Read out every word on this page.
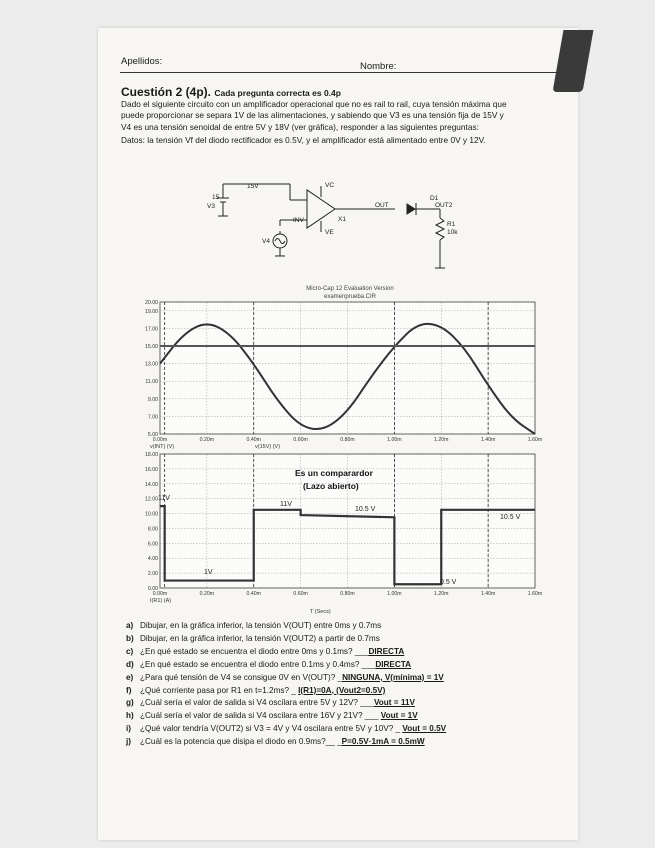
Apellidos:	Nombre:
Cuestión 2 (4p). Cada pregunta correcta es 0.4p
Dado el siguiente circuito con un amplificador operacional que no es rail to rail, cuya tensión máxima que
puede proporcionar se separa 1V de las alimentaciones, y sabiendo que V3 es una tensión fija de 15V y
V4 es una tensión senoidal de entre 5V y 18V (ver gráfica), responder a las siguientes preguntas:
Datos: la tensión Vf del diodo rectificador es 0.5V, y el amplificador está alimentado entre 0V y 12V.
15
V3
15V	VC
VE
X1
INV
OUT
D1
OUT2
R1
10k
V4
Micro-Cap 12 Evaluation Version
examenprueba.CIR
20.00
19.00
17.00
15.00
13.00
11.00
9.00
7.00
5.00
0.00m	0.20m	0.40m	0.60m	0.80m	1.00m	1.20m	1.40m	1.60m
v(INT) (V)	v(15V) (V)
18.00
16.00
14.00
12.00
10.00
8.00
6.00
4.00
2.00
0.00
0.00m	0.20m	0.40m	0.60m	0.80m	1.00m	1.20m	1.40m	1.60m
I(R1) (A)
T (Secs)
Es un comparardor
(Lazo abierto)
11V
11V
1V
10.5 V
10.5 V
0.5 V
a) Dibujar, en la gráfica inferior, la tensión V(OUT) entre 0ms y 0.7ms
b) Dibujar, en la gráfica inferior, la tensión V(OUT2) a partir de 0.7ms
c) ¿En qué estado se encuentra el diodo entre 0ms y 0.1ms? ___DIRECTA
d) ¿En qué estado se encuentra el diodo entre 0.1ms y 0.4ms? ___DIRECTA
e) ¿Para qué tensión de V4 se consigue 0V en V(OUT)? _NINGUNA, V(mínima) = 1V
f) ¿Qué corriente pasa por R1 en t=1.2ms? _ I(R1)=0A, (Vout2=0.5V)
g) ¿Cuál sería el valor de salida si V4 oscilara entre 5V y 12V? ___Vout = 11V
h) ¿Cuál sería el valor de salida si V4 oscilara entre 16V y 21V? ___ Vout = 1V
i) ¿Qué valor tendría V(OUT2) si V3 = 4V y V4 oscilara entre 5V y 10V? _ Vout = 0.5V
j) ¿Cuál es la potencia que disipa el diodo en 0.9ms?__ _P=0.5V·1mA = 0.5mW
